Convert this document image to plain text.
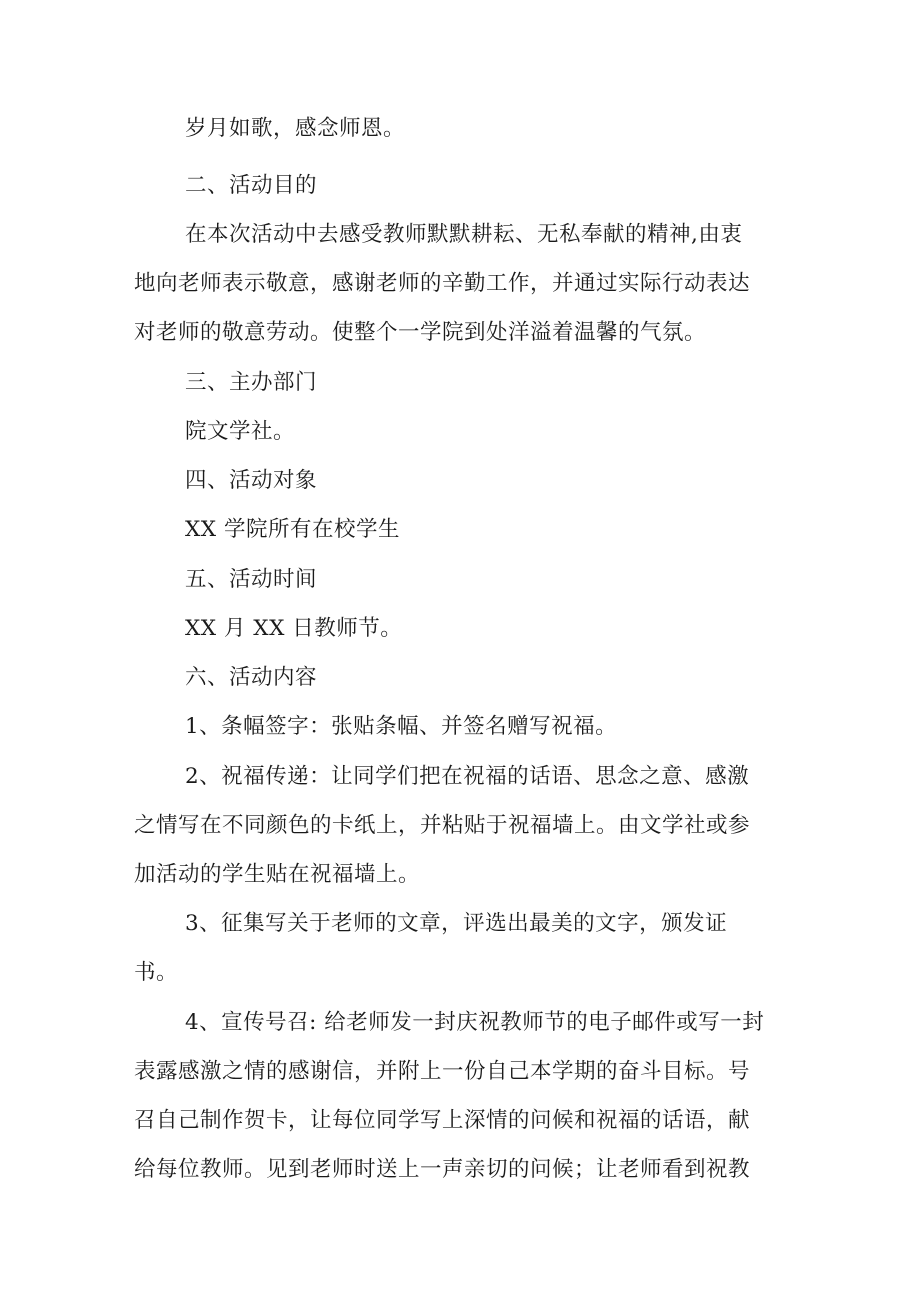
岁月如歌，感念师恩。
二、活动目的
在本次活动中去感受教师默默耕耘、无私奉献的精神,由衷
地向老师表示敬意，感谢老师的辛勤工作，并通过实际行动表达
对老师的敬意劳动。使整个一学院到处洋溢着温馨的气氛。
三、主办部门
院文学社。
四、活动对象
XX 学院所有在校学生
五、活动时间
XX 月 XX 日教师节。
六、活动内容
1、条幅签字：张贴条幅、并签名赠写祝福。
2、祝福传递：让同学们把在祝福的话语、思念之意、感激
之情写在不同颜色的卡纸上，并粘贴于祝福墙上。由文学社或参
加活动的学生贴在祝福墙上。
3、征集写关于老师的文章，评选出最美的文字，颁发证
书。
4、宣传号召: 给老师发一封庆祝教师节的电子邮件或写一封
表露感激之情的感谢信，并附上一份自己本学期的奋斗目标。号
召自己制作贺卡，让每位同学写上深情的问候和祝福的话语，献
给每位教师。见到老师时送上一声亲切的问候；让老师看到祝教
